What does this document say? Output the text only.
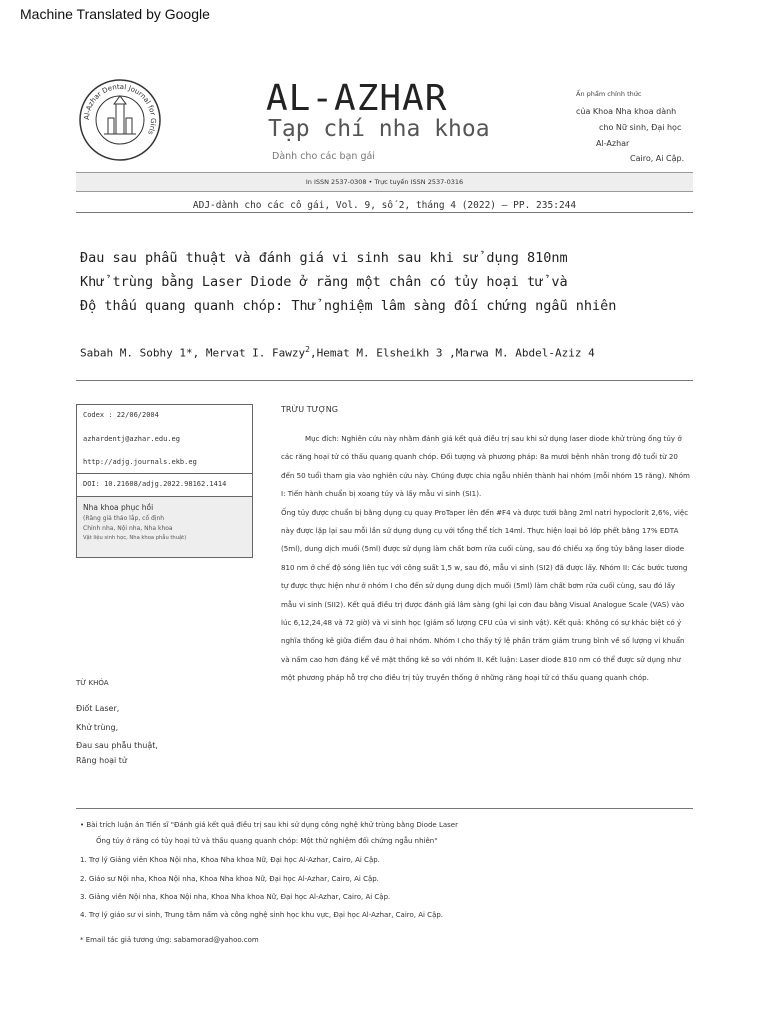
Machine Translated by Google
Al-Azhar Dental Journal for Girls
AL-AZHAR
Tạp chí nha khoa
Dành cho các bạn gái
Ấn phẩm chính thức
của Khoa Nha khoa dành
cho Nữ sinh, Đại học
Al-Azhar
Cairo, Ai Cập.
In ISSN 2537-0308 • Trực tuyến ISSN 2537-0316
ADJ-dành cho các cô gái, Vol. 9, số 2, tháng 4 (2022) — PP. 235:244
Đau sau phẫu thuật và đánh giá vi sinh sau khi sử dụng 810nm
Khử trùng bằng Laser Diode ở răng một chân có tủy hoại tử và
Độ thấu quang quanh chóp: Thử nghiệm lâm sàng đối chứng ngẫu nhiên
Sabah M. Sobhy 1*, Mervat I. Fawzy$^2$,Hemat M. Elsheikh 3 ,Marwa M. Abdel-Aziz 4
Codex : 22/06/2004
azhardentj@azhar.edu.eg
http://adjg.journals.ekb.eg
DOI: 10.21608/adjg.2022.98162.1414
Nha khoa phục hồi
(Răng giả tháo lắp, cố định
Chỉnh nha, Nội nha, Nha khoa
Vật liệu sinh học, Nha khoa phẫu thuật)
TỪ KHÓA
Điốt Laser,
Khử trùng,
Đau sau phẫu thuật,
Răng hoại tử
TRỪU TƯỢNG

Mục đích: Nghiên cứu này nhằm đánh giá kết quả điều trị sau khi sử dụng laser diode khử trùng ống tủy ở các răng hoại tử có thấu quang quanh chóp. Đối tượng và phương pháp: 8a mươi bệnh nhân trong độ tuổi từ 20 đến 50 tuổi tham gia vào nghiên cứu này. Chúng được chia ngẫu nhiên thành hai nhóm (mỗi nhóm 15 răng). Nhóm I: Tiến hành chuẩn bị xoang tủy và lấy mẫu vi sinh (SI1).

Ống tủy được chuẩn bị bằng dụng cụ quay ProTaper lên đến #F4 và được tưới bằng 2ml natri hypoclorit 2,6%, việc này được lặp lại sau mỗi lần sử dụng dụng cụ với tổng thể tích 14ml. Thực hiện loại bỏ lớp phết bằng 17% EDTA (5ml), dung dịch muối (5ml) được sử dụng làm chất bơm rửa cuối cùng, sau đó chiếu xạ ống tủy bằng laser diode 810 nm ở chế độ sóng liên tục với công suất 1,5 w, sau đó, mẫu vi sinh (SI2) đã được lấy. Nhóm II: Các bước tương tự được thực hiện như ở nhóm I cho đến sử dụng dung dịch muối (5ml) làm chất bơm rửa cuối cùng, sau đó lấy mẫu vi sinh (SII2). Kết quả điều trị được đánh giá lâm sàng (ghi lại cơn đau bằng Visual Analogue Scale (VAS) vào lúc 6,12,24,48 và 72 giờ) và vi sinh học (giảm số lượng CFU của vi sinh vật). Kết quả: Không có sự khác biệt có ý nghĩa thống kê giữa điểm đau ở hai nhóm. Nhóm I cho thấy tỷ lệ phần trăm giảm trung bình về số lượng vi khuẩn và nấm cao hơn đáng kể về mặt thống kê so với nhóm II. Kết luận: Laser diode 810 nm có thể được sử dụng như một phương pháp hỗ trợ cho điều trị tủy truyền thống ở những răng hoại tử có thấu quang quanh chóp.

• Bài trích luận án Tiến sĩ "Đánh giá kết quả điều trị sau khi sử dụng công nghệ khử trùng bằng Diode Laser
Ống tủy ở răng có tủy hoại tử và thấu quang quanh chóp: Một thử nghiệm đối chứng ngẫu nhiên"
1. Trợ lý Giảng viên Khoa Nội nha, Khoa Nha khoa Nữ, Đại học Al-Azhar, Cairo, Ai Cập.
2. Giáo sư Nội nha, Khoa Nội nha, Khoa Nha khoa Nữ, Đại học Al-Azhar, Cairo, Ai Cập.
3. Giảng viên Nội nha, Khoa Nội nha, Khoa Nha khoa Nữ, Đại học Al-Azhar, Cairo, Ai Cập.
4. Trợ lý giáo sư vi sinh, Trung tâm nấm và công nghệ sinh học khu vực, Đại học Al-Azhar, Cairo, Ai Cập.
* Email tác giả tương ứng: sabamorad@yahoo.com
